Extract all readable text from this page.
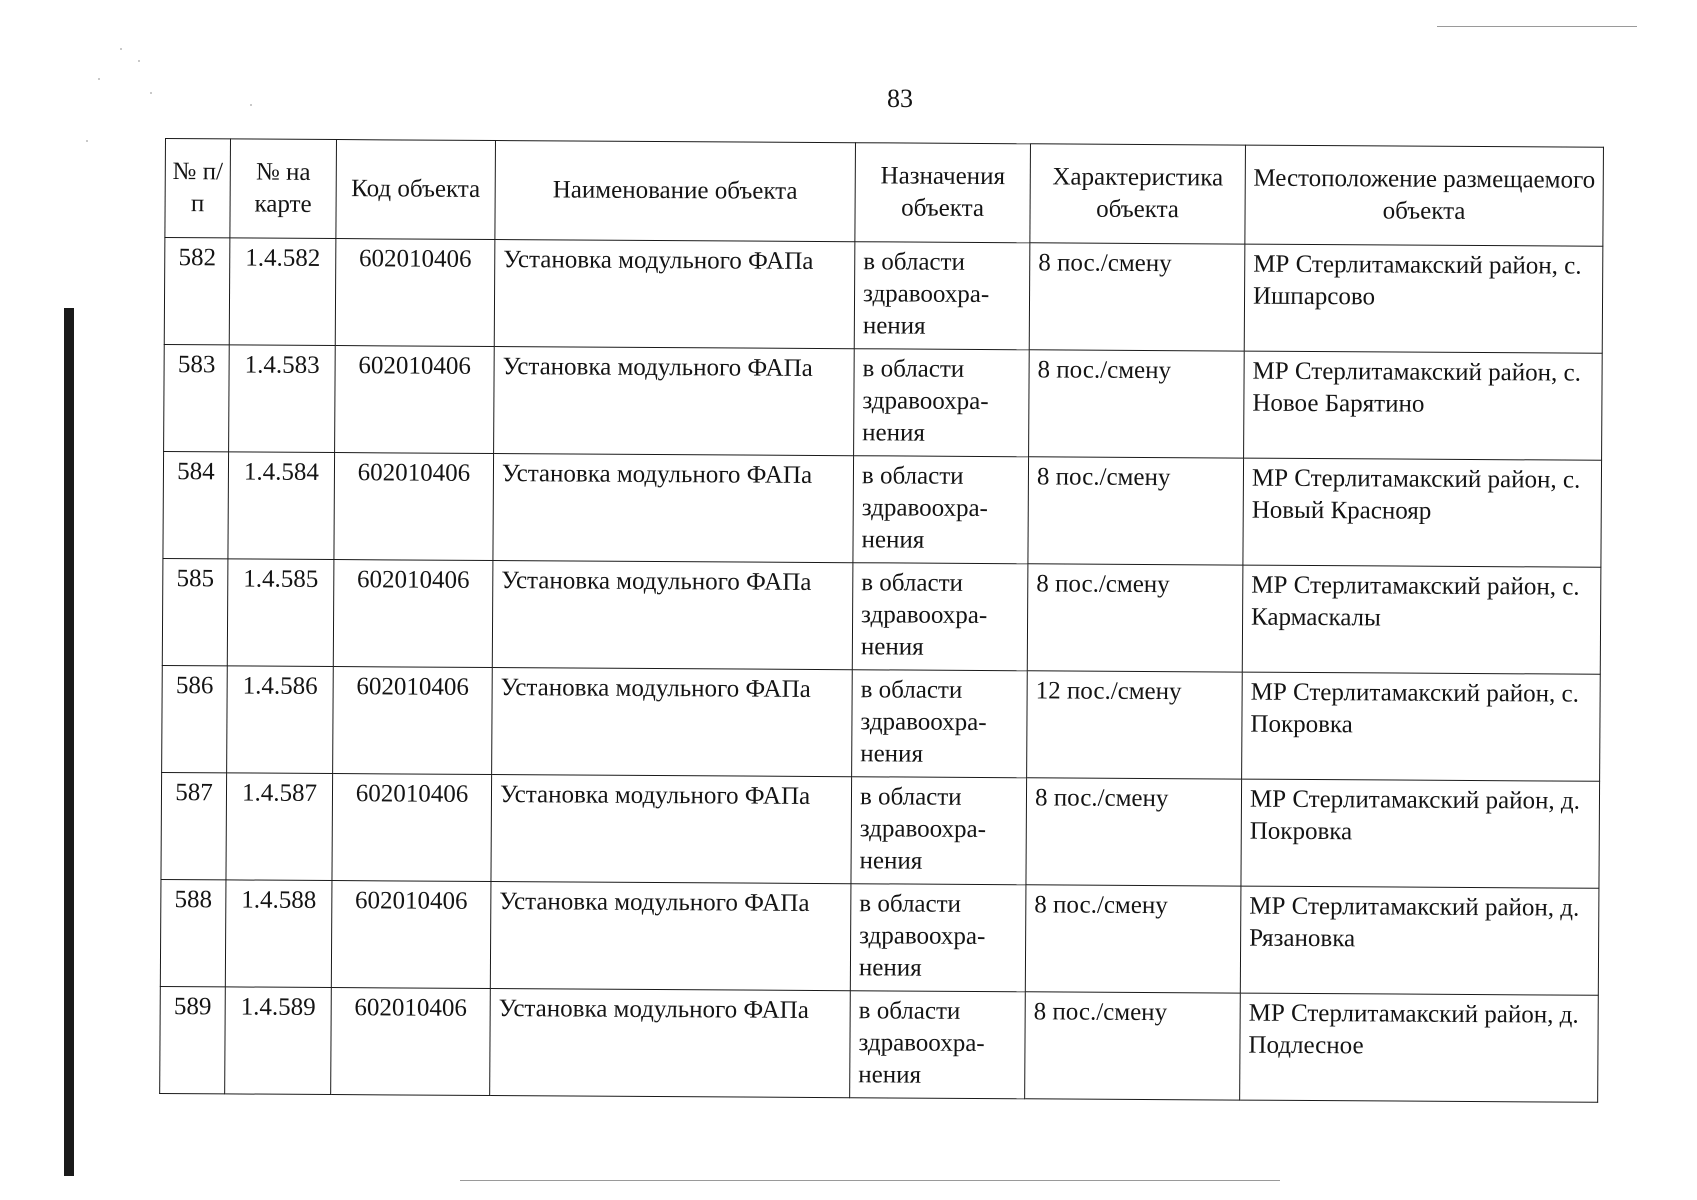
83
№ п/п	№ на карте	Код объекта	Наименование объекта	Назначения объекта	Характеристика объекта	Местоположение размещаемого объекта
582	1.4.582	602010406	Установка модульного ФАПа	в области здравоохра-нения	8 пос./смену	МР Стерлитамакский район, с. Ишпарсово
583	1.4.583	602010406	Установка модульного ФАПа	в области здравоохра-нения	8 пос./смену	МР Стерлитамакский район, с. Новое Барятино
584	1.4.584	602010406	Установка модульного ФАПа	в области здравоохра-нения	8 пос./смену	МР Стерлитамакский район, с. Новый Краснояр
585	1.4.585	602010406	Установка модульного ФАПа	в области здравоохра-нения	8 пос./смену	МР Стерлитамакский район, с. Кармаскалы
586	1.4.586	602010406	Установка модульного ФАПа	в области здравоохра-нения	12 пос./смену	МР Стерлитамакский район, с. Покровка
587	1.4.587	602010406	Установка модульного ФАПа	в области здравоохра-нения	8 пос./смену	МР Стерлитамакский район, д. Покровка
588	1.4.588	602010406	Установка модульного ФАПа	в области здравоохра-нения	8 пос./смену	МР Стерлитамакский район, д. Рязановка
589	1.4.589	602010406	Установка модульного ФАПа	в области здравоохра-нения	8 пос./смену	МР Стерлитамакский район, д. Подлесное
